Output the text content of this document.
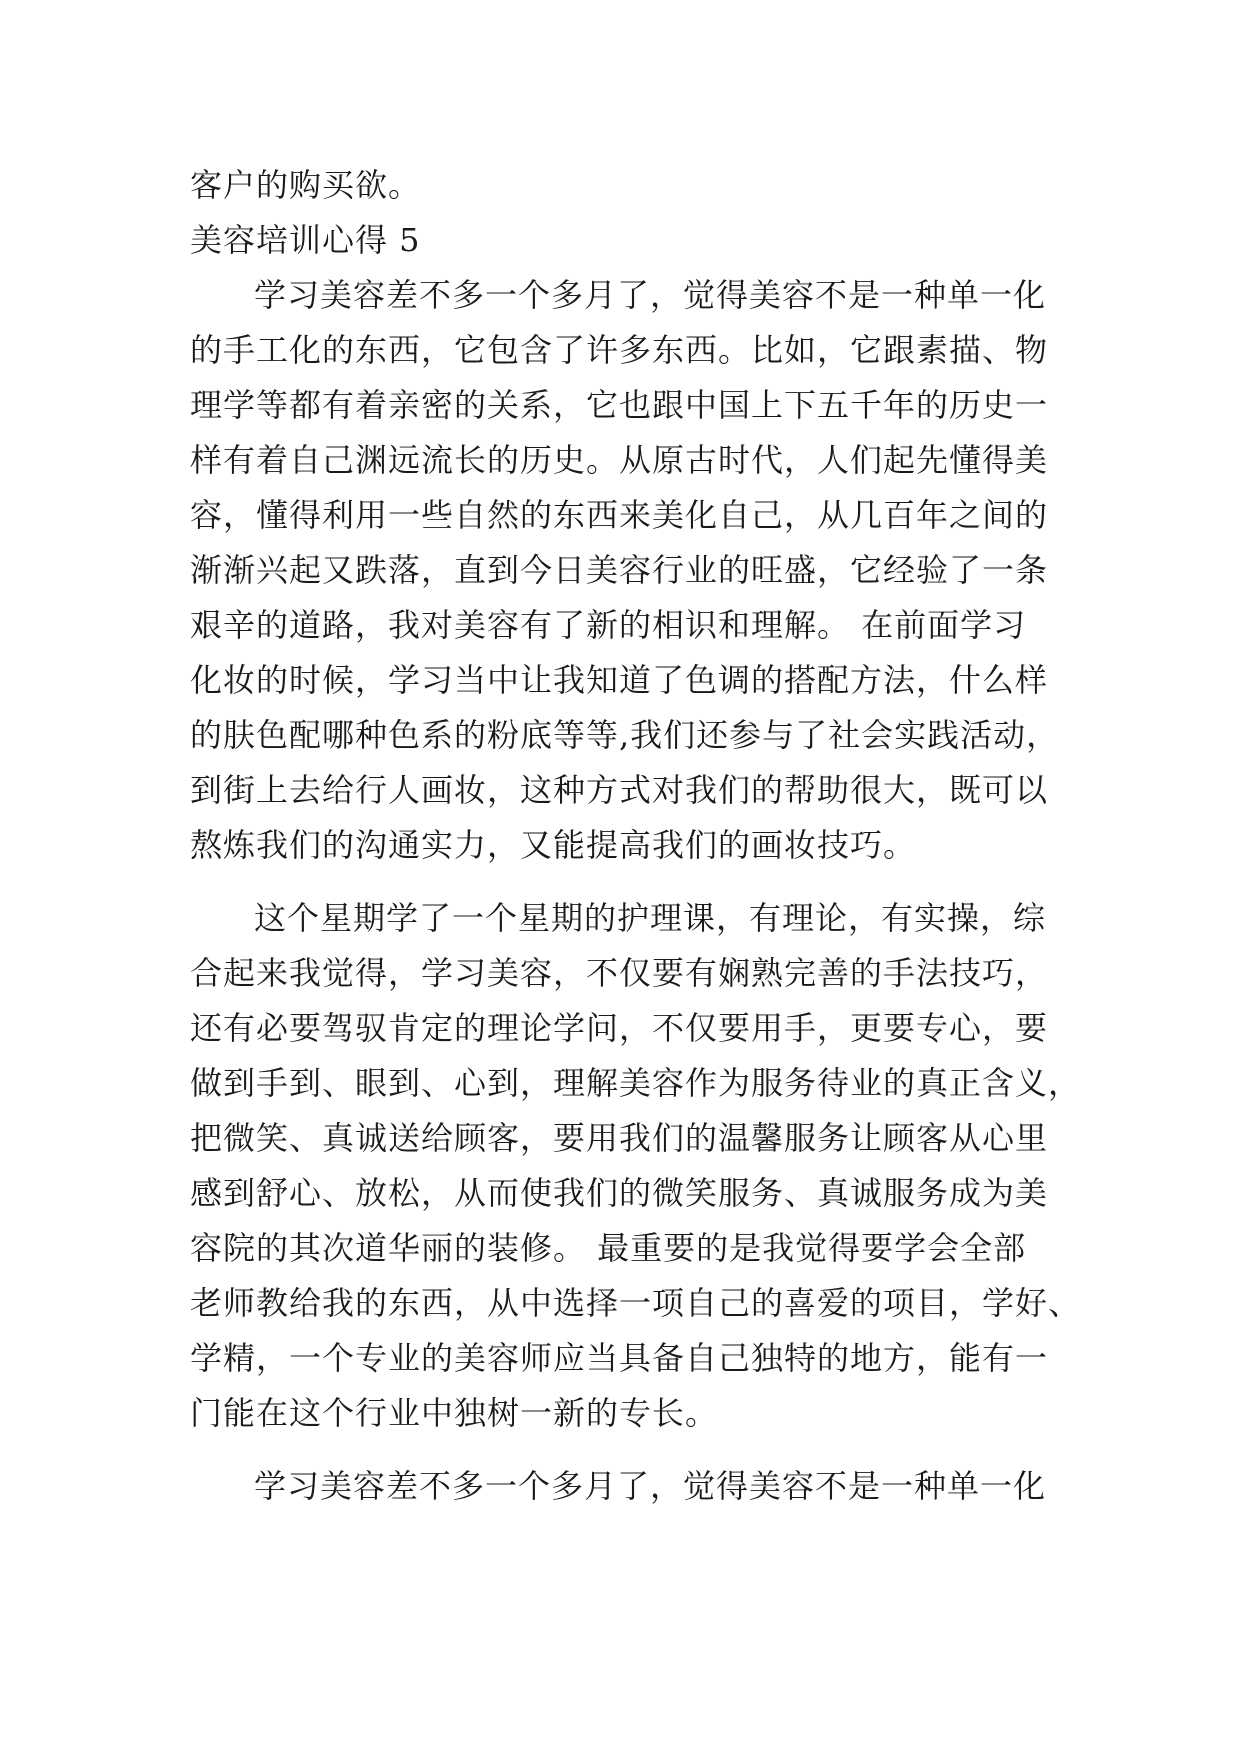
客户的购买欲。
美容培训心得 5
学习美容差不多一个多月了，觉得美容不是一种单一化
的手工化的东西，它包含了许多东西。比如，它跟素描、物
理学等都有着亲密的关系，它也跟中国上下五千年的历史一
样有着自己渊远流长的历史。从原古时代，人们起先懂得美
容，懂得利用一些自然的东西来美化自己，从几百年之间的
渐渐兴起又跌落，直到今日美容行业的旺盛，它经验了一条
艰辛的道路，我对美容有了新的相识和理解。 在前面学习
化妆的时候，学习当中让我知道了色调的搭配方法，什么样
的肤色配哪种色系的粉底等等,我们还参与了社会实践活动，
到街上去给行人画妆，这种方式对我们的帮助很大，既可以
熬炼我们的沟通实力，又能提高我们的画妆技巧。
这个星期学了一个星期的护理课，有理论，有实操，综
合起来我觉得，学习美容，不仅要有娴熟完善的手法技巧，
还有必要驾驭肯定的理论学问，不仅要用手，更要专心，要
做到手到、眼到、心到，理解美容作为服务待业的真正含义，
把微笑、真诚送给顾客，要用我们的温馨服务让顾客从心里
感到舒心、放松，从而使我们的微笑服务、真诚服务成为美
容院的其次道华丽的装修。 最重要的是我觉得要学会全部
老师教给我的东西，从中选择一项自己的喜爱的项目，学好、
学精，一个专业的美容师应当具备自己独特的地方，能有一
门能在这个行业中独树一新的专长。
学习美容差不多一个多月了，觉得美容不是一种单一化
